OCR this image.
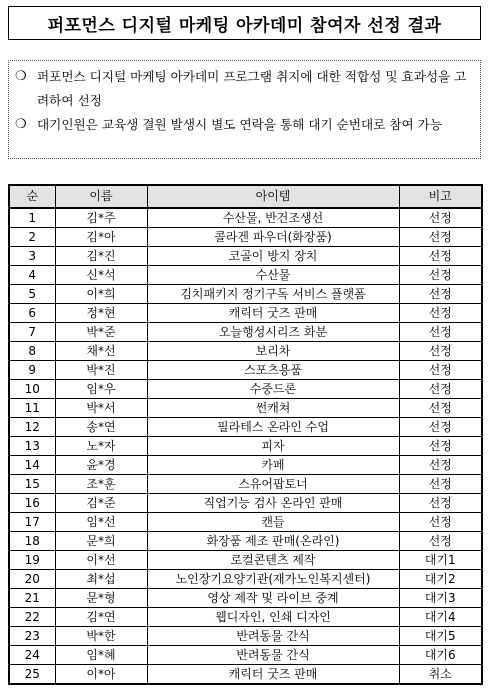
퍼포먼스 디지털 마케팅 아카데미 참여자 선정 결과
❍ 퍼포먼스 디지털 마케팅 아카데미 프로그램 취지에 대한 적합성 및 효과성을 고려하여 선정
❍ 대기인원은 교육생 결원 발생시 별도 연락을 통해 대기 순번대로 참여 가능
순	이름	아이템	비고
1	김*주	수산물, 반건조생선	선정
2	김*아	콜라겐 파우더(화장품)	선정
3	김*진	코골이 방지 장치	선정
4	신*석	수산물	선정
5	이*희	김치패키지 정기구독 서비스 플랫폼	선정
6	정*현	캐릭터 굿즈 판매	선정
7	박*준	오늘행성시리즈 화분	선정
8	채*선	보리차	선정
9	박*진	스포츠용품	선정
10	임*우	수중드론	선정
11	박*서	썬캐쳐	선정
12	송*연	필라테스 온라인 수업	선정
13	노*자	피자	선정
14	윤*경	카페	선정
15	조*훈	스유어팝토너	선정
16	김*준	직업기능 검사 온라인 판매	선정
17	임*선	캔들	선정
18	문*희	화장품 제조 판매(온라인)	선정
19	이*선	로컬콘텐츠 제작	대기1
20	최*섭	노인장기요양기관(재가노인복지센터)	대기2
21	문*형	영상 제작 및 라이브 중계	대기3
22	김*연	웹디자인, 인쇄 디자인	대기4
23	박*한	반려동물 간식	대기5
24	임*혜	반려동물 간식	대기6
25	이*아	캐릭터 굿즈 판매	취소
